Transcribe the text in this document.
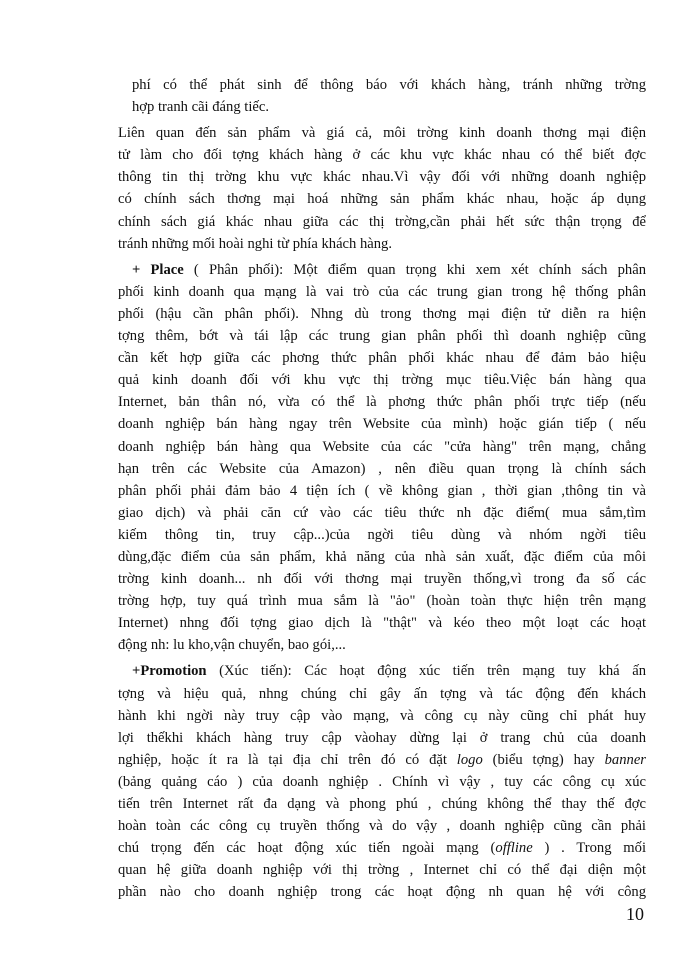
phí có thể phát sinh để thông báo với khách hàng, tránh những trờng
hợp tranh cãi đáng tiếc.
Liên quan đến sản phẩm và giá cả, môi trờng kinh doanh thơng mại điện
tử làm cho đối tợng khách hàng ở các khu vực khác nhau có thể biết đợc
thông tin thị trờng khu vực khác nhau.Vì vậy đối với những doanh nghiệp
có chính sách thơng mại hoá những sản phẩm khác nhau, hoặc áp dụng
chính sách giá khác nhau giữa các thị trờng,cần phải hết sức thận trọng để
tránh những mối hoài nghi từ phía khách hàng.
+ Place ( Phân phối): Một điểm quan trọng khi xem xét chính sách phân
phối kinh doanh qua mạng là vai trò của các trung gian trong hệ thống phân
phối (hậu cần phân phối). Nhng dù trong thơng mại điện tử diễn ra hiện
tợng thêm, bớt và tái lập các trung gian phân phối thì doanh nghiệp cũng
cần kết hợp giữa các phơng thức phân phối khác nhau để đảm bảo hiệu
quả kinh doanh đối với khu vực thị trờng mục tiêu.Việc bán hàng qua
Internet, bản thân nó, vừa có thể là phơng thức phân phối trực tiếp (nếu
doanh nghiệp bán hàng ngay trên Website của mình) hoặc gián tiếp ( nếu
doanh nghiệp bán hàng qua Website của các "cửa hàng" trên mạng, chẳng
hạn trên các Website của Amazon) , nên điều quan trọng là chính sách
phân phối phải đảm bảo 4 tiện ích ( về không gian , thời gian ,thông tin và
giao dịch) và phải căn cứ vào các tiêu thức nh đặc điểm( mua sắm,tìm
kiếm thông tin, truy cập...)của ngời tiêu dùng và nhóm ngời tiêu
dùng,đặc điểm của sản phẩm, khả năng của nhà sản xuất, đặc điểm của môi
trờng kinh doanh... nh đối với thơng mại truyền thống,vì trong đa số các
trờng hợp, tuy quá trình mua sắm là "ảo" (hoàn toàn thực hiện trên mạng
Internet) nhng đối tợng giao dịch là "thật" và kéo theo một loạt các hoạt
động nh: lu kho,vận chuyển, bao gói,...
+Promotion (Xúc tiến): Các hoạt động xúc tiến trên mạng tuy khá ấn
tợng và hiệu quả, nhng chúng chỉ gây ấn tợng và tác động đến khách
hành khi ngời này truy cập vào mạng, và công cụ này cũng chỉ phát huy
lợi thếkhi khách hàng truy cập vàohay dừng lại ở trang chủ của doanh
nghiệp, hoặc ít ra là tại địa chỉ trên đó có đặt logo (biểu tợng) hay banner
(bảng quảng cáo ) của doanh nghiệp . Chính vì vậy , tuy các công cụ xúc
tiến trên Internet rất đa dạng và phong phú , chúng không thể thay thế đợc
hoàn toàn các công cụ truyền thống và do vậy , doanh nghiệp cũng cần phải
chú trọng đến các hoạt động xúc tiến ngoài mạng (offline ) . Trong mối
quan hệ giữa doanh nghiệp với thị trờng , Internet chỉ có thể đại diện một
phần nào cho doanh nghiệp trong các hoạt động nh quan hệ với công
10
